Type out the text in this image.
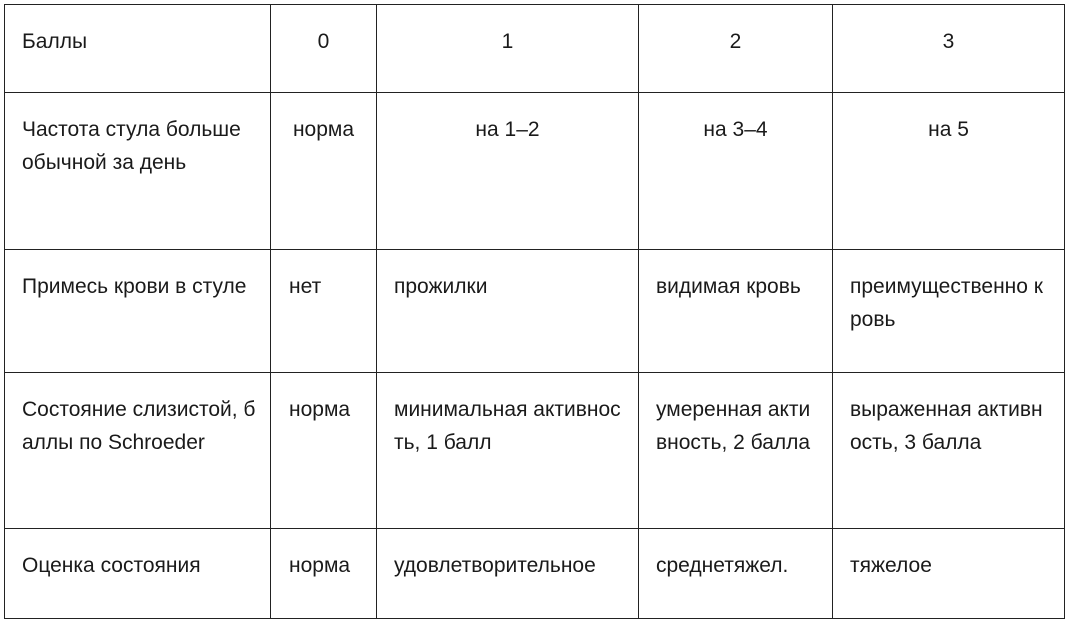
Баллы	0	1	2	3
Частота стула больше обычной за день	норма	на 1–2	на 3–4	на 5
Примесь крови в стуле	нет	прожилки	видимая кровь	преимущественно кровь
Состояние слизистой, баллы по Schroeder	норма	минимальная активность, 1 балл	умеренная активность, 2 балла	выраженная активность, 3 балла
Оценка состояния	норма	удовлетворительное	среднетяжел.	тяжелое
